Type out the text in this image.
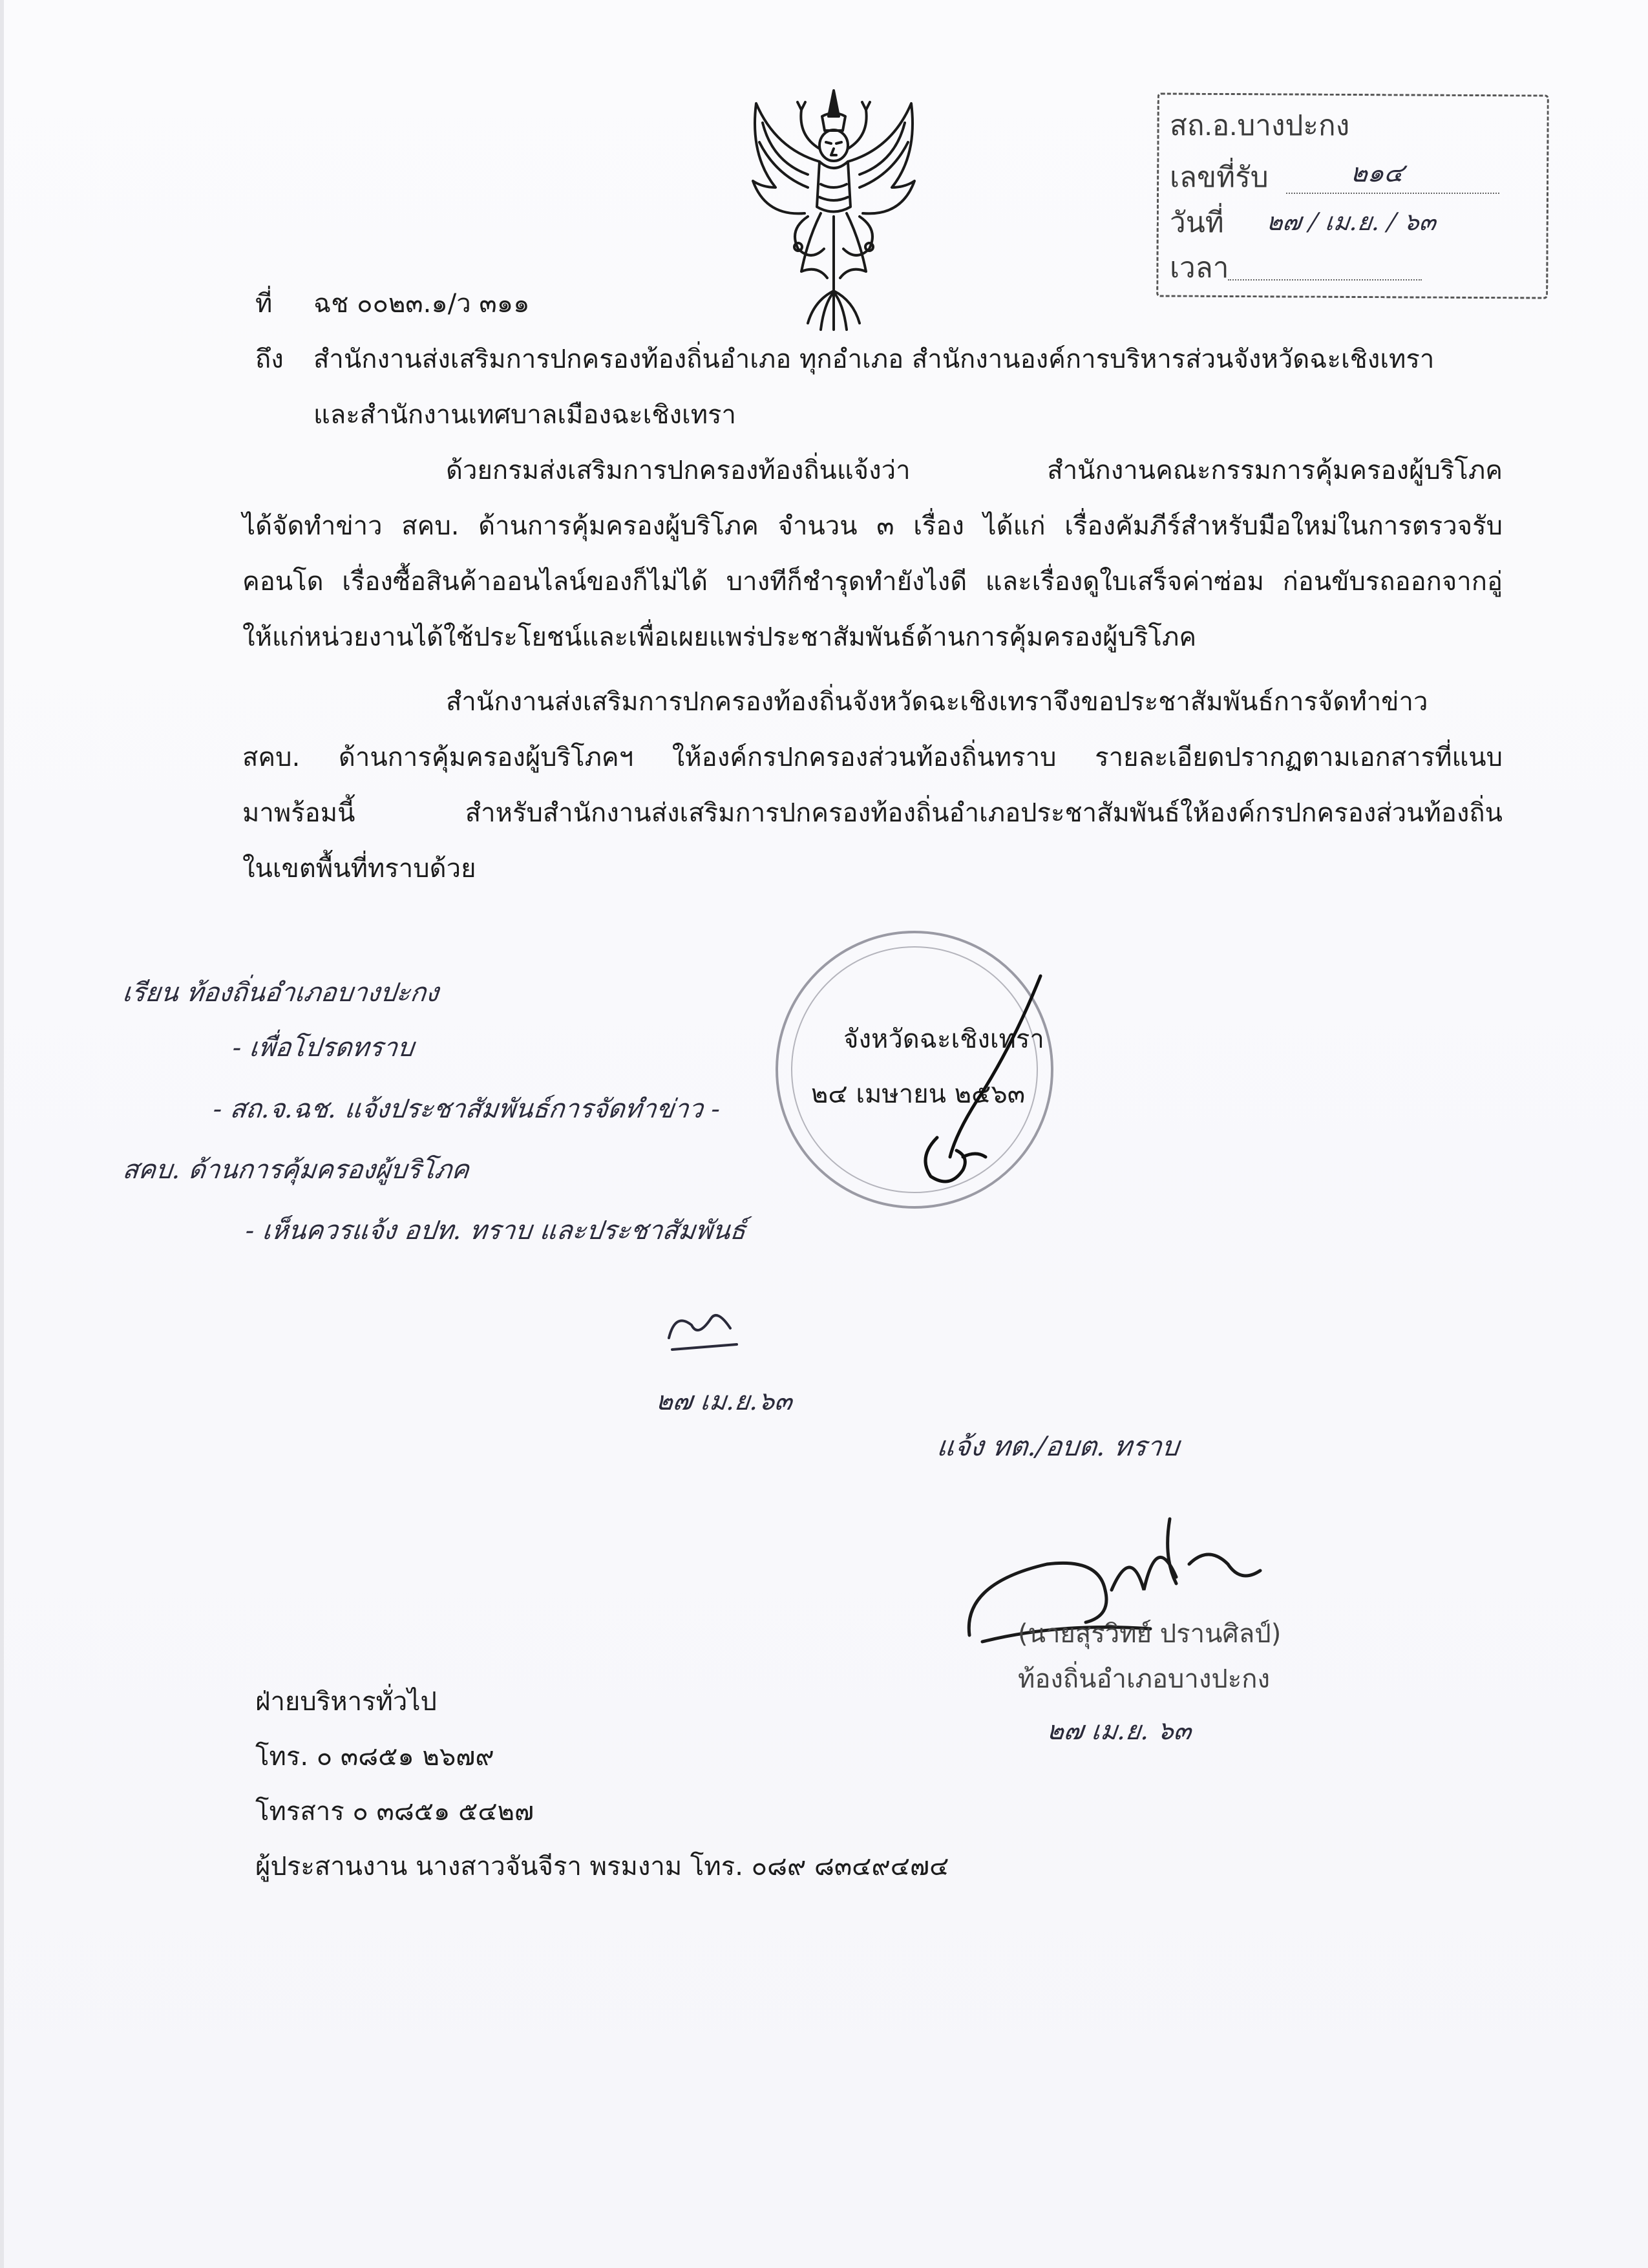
สถ.อ.บางปะกง
เลขที่รับ	๒๑๔
วันที่ ๒๗ / เม.ย. / ๖๓
เวลา
ที่ ฉช ๐๐๒๓.๑/ว ๓๑๑
ถึง สำนักงานส่งเสริมการปกครองท้องถิ่นอำเภอ ทุกอำเภอ สำนักงานองค์การบริหารส่วนจังหวัดฉะเชิงเทรา
และสำนักงานเทศบาลเมืองฉะเชิงเทรา
ด้วยกรมส่งเสริมการปกครองท้องถิ่นแจ้งว่า สำนักงานคณะกรรมการคุ้มครองผู้บริโภค
ได้จัดทำข่าว สคบ. ด้านการคุ้มครองผู้บริโภค จำนวน ๓ เรื่อง ได้แก่ เรื่องคัมภีร์สำหรับมือใหม่ในการตรวจรับ
คอนโด เรื่องซื้อสินค้าออนไลน์ของก็ไม่ได้ บางทีก็ชำรุดทำยังไงดี และเรื่องดูใบเสร็จค่าซ่อม ก่อนขับรถออกจากอู่
ให้แก่หน่วยงานได้ใช้ประโยชน์และเพื่อเผยแพร่ประชาสัมพันธ์ด้านการคุ้มครองผู้บริโภค
สำนักงานส่งเสริมการปกครองท้องถิ่นจังหวัดฉะเชิงเทราจึงขอประชาสัมพันธ์การจัดทำข่าว
สคบ. ด้านการคุ้มครองผู้บริโภคฯ ให้องค์กรปกครองส่วนท้องถิ่นทราบ รายละเอียดปรากฏตามเอกสารที่แนบ
มาพร้อมนี้ สำหรับสำนักงานส่งเสริมการปกครองท้องถิ่นอำเภอประชาสัมพันธ์ให้องค์กรปกครองส่วนท้องถิ่น
ในเขตพื้นที่ทราบด้วย
จังหวัดฉะเชิงเทรา
๒๔ เมษายน ๒๕๖๓
เรียน ท้องถิ่นอำเภอบางปะกง
- เพื่อโปรดทราบ
- สถ.จ.ฉช. แจ้งประชาสัมพันธ์การจัดทำข่าว -
สคบ. ด้านการคุ้มครองผู้บริโภค
- เห็นควรแจ้ง อปท. ทราบ และประชาสัมพันธ์
๒๗ เม.ย.๖๓
แจ้ง ทต./อบต. ทราบ
(นายสุรวิทย์ ปรานศิลป์)
ท้องถิ่นอำเภอบางปะกง
๒๗ เม.ย. ๖๓
ฝ่ายบริหารทั่วไป
โทร. ๐ ๓๘๕๑ ๒๖๗๙
โทรสาร ๐ ๓๘๕๑ ๕๔๒๗
ผู้ประสานงาน นางสาวจันจีรา พรมงาม โทร. ๐๘๙ ๘๓๔๙๔๗๔
